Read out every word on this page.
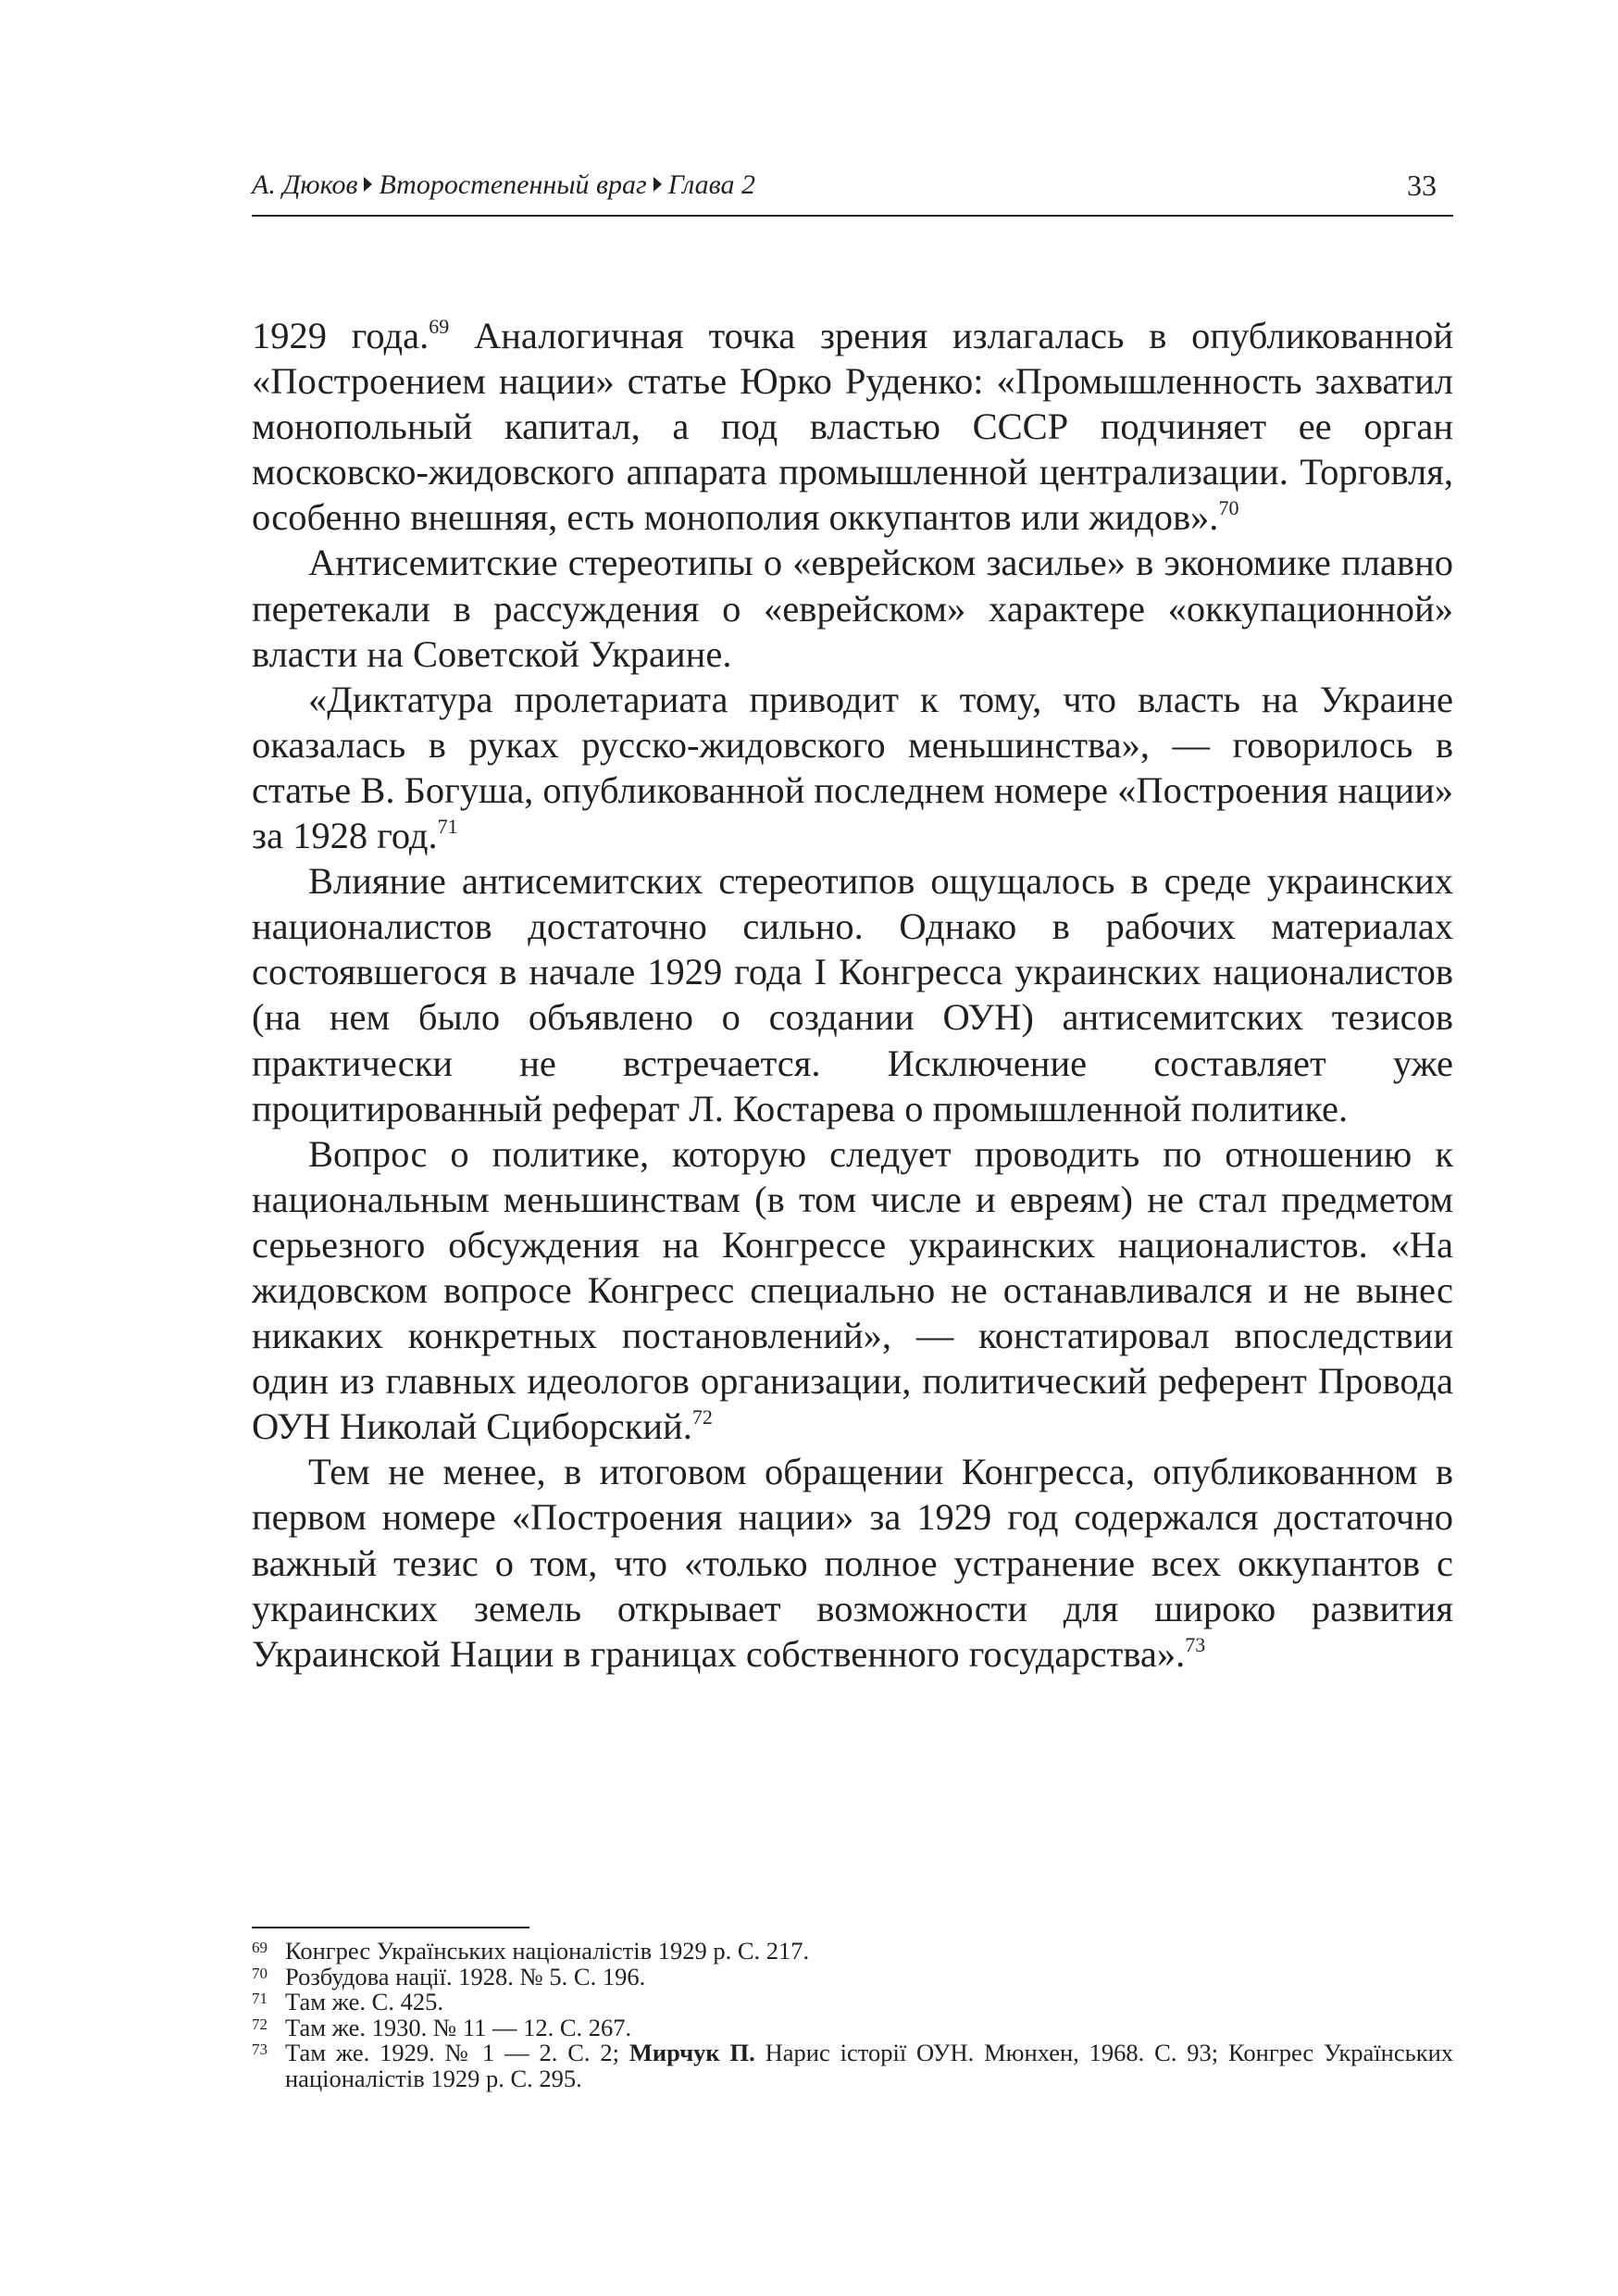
А. Дюков Второстепенный враг Глава 2	33

1929 года.$^{69}$ Аналогичная точка зрения излагалась в опубликованной «Построением нации» статье Юрко Руденко: «Промышленность захватил монопольный капитал, а под властью СССР подчиняет ее орган московско-жидовского аппарата промышленной централизации. Торговля, особенно внешняя, есть монополия оккупантов или жидов».$^{70}$

Антисемитские стереотипы о «еврейском засилье» в экономике плавно перетекали в рассуждения о «еврейском» характере «оккупационной» власти на Советской Украине.

«Диктатура пролетариата приводит к тому, что власть на Украине оказалась в руках русско-жидовского меньшинства», — говорилось в статье В. Богуша, опубликованной последнем номере «Построения нации» за 1928 год.$^{71}$

Влияние антисемитских стереотипов ощущалось в среде украинских националистов достаточно сильно. Однако в рабочих материалах состоявшегося в начале 1929 года I Конгресса украинских националистов (на нем было объявлено о создании ОУН) антисемитских тезисов практически не встречается. Исключение составляет уже процитированный реферат Л. Костарева о промышленной политике.

Вопрос о политике, которую следует проводить по отношению к национальным меньшинствам (в том числе и евреям) не стал предметом серьезного обсуждения на Конгрессе украинских националистов. «На жидовском вопросе Конгресс специально не останавливался и не вынес никаких конкретных постановлений», — констатировал впоследствии один из главных идеологов организации, политический референт Провода ОУН Николай Сциборский.$^{72}$

Тем не менее, в итоговом обращении Конгресса, опубликованном в первом номере «Построения нации» за 1929 год содержался достаточно важный тезис о том, что «только полное устранение всех оккупантов с украинских земель открывает возможности для широко развития Украинской Нации в границах собственного государства».$^{73}$

69 Конгрес Українських націоналістів 1929 р. С. 217.
70 Розбудова нації. 1928. № 5. С. 196.
71 Там же. С. 425.
72 Там же. 1930. № 11 — 12. С. 267.
73 Там же. 1929. № 1 — 2. С. 2; Мирчук П. Нарис історії ОУН. Мюнхен, 1968. С. 93; Конгрес Українських націоналістів 1929 р. С. 295.
